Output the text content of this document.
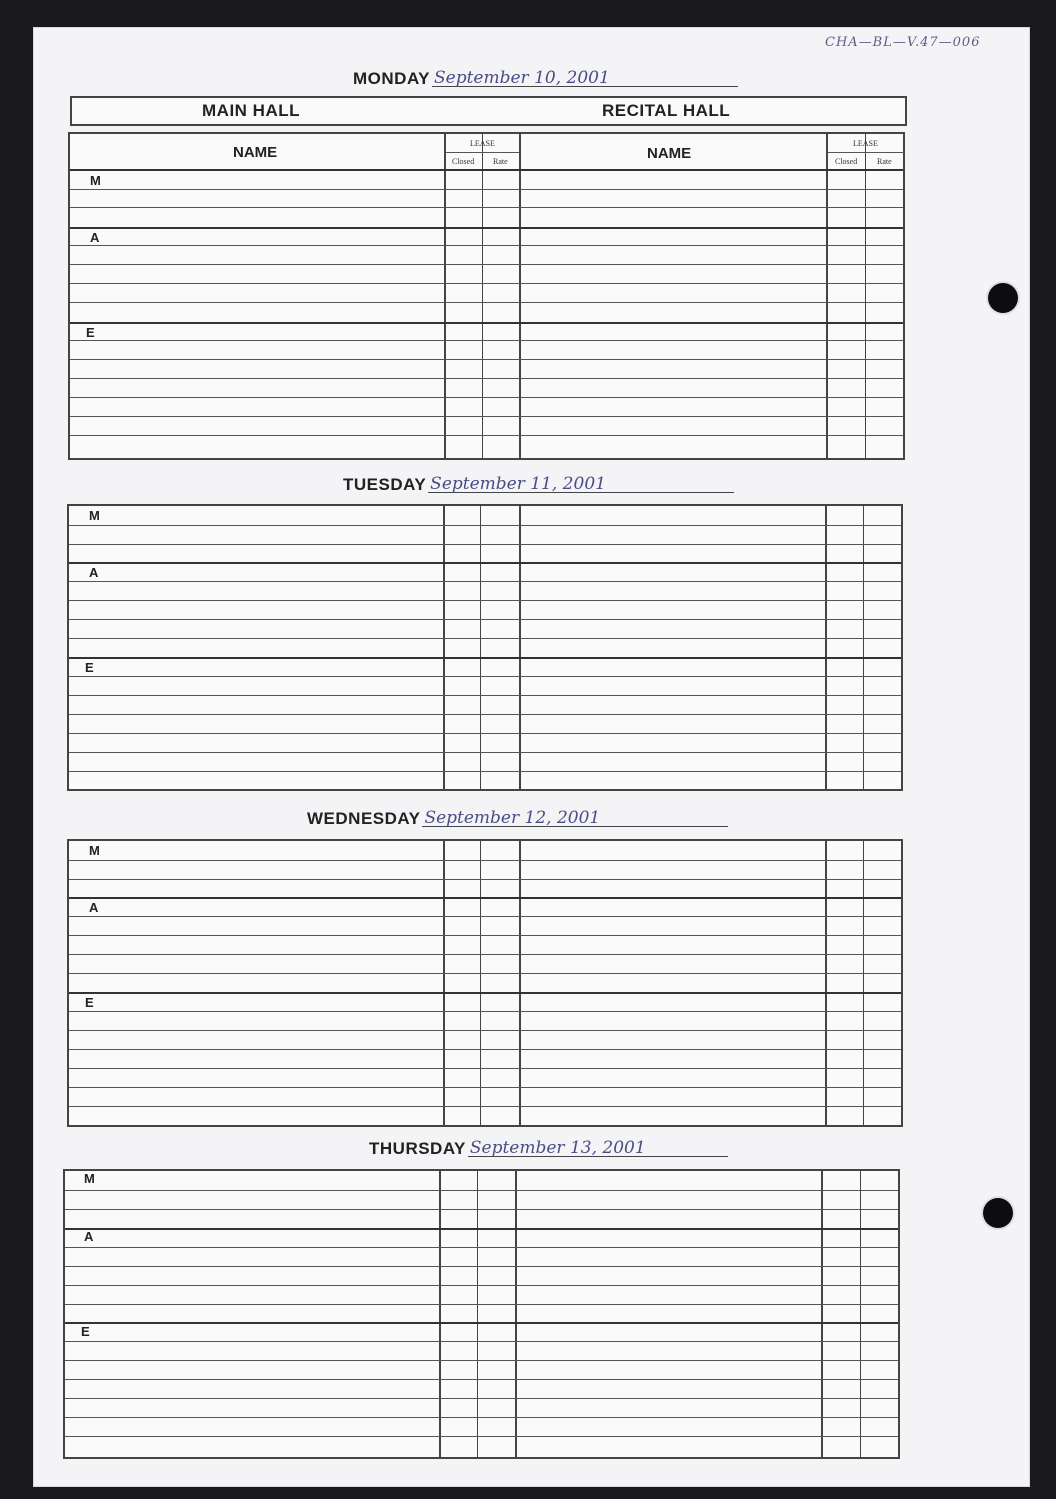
CHA—BL—V.47—006
MONDAY September 10, 2001
MAIN HALL	RECITAL HALL
NAME	NAME
LEASE	LEASE
Closed Rate	Closed Rate
M
A
E
TUESDAY September 11, 2001
M
A
E
WEDNESDAY September 12, 2001
M
A
E
THURSDAY September 13, 2001
M
A
E
